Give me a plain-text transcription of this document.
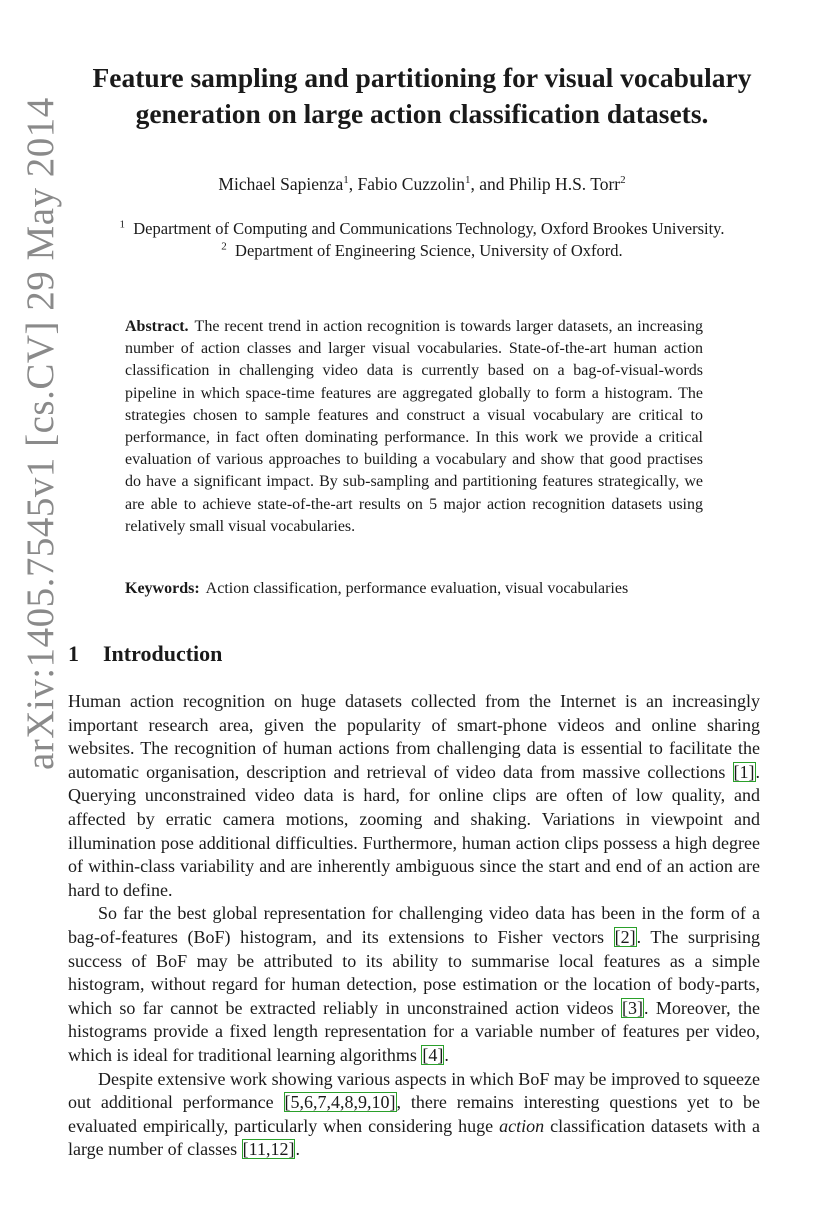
arXiv:1405.7545v1 [cs.CV] 29 May 2014
Feature sampling and partitioning for visual vocabulary
generation on large action classification datasets.
Michael Sapienza$^1$, Fabio Cuzzolin$^1$, and Philip H.S. Torr$^2$
$^1$ Department of Computing and Communications Technology, Oxford Brookes University.
$^2$ Department of Engineering Science, University of Oxford.
Abstract. The recent trend in action recognition is towards larger datasets, an increasing number of action classes and larger visual vocabularies. State-of-the-art human action classification in challenging video data is currently based on a bag-of-visual-words pipeline in which space-time features are aggregated globally to form a histogram. The strategies chosen to sample features and construct a visual vocabulary are critical to performance, in fact often dominating performance. In this work we provide a critical evaluation of various approaches to building a vocabulary and show that good practises do have a significant impact. By sub-sampling and partitioning features strategically, we are able to achieve state-of-the-art results on 5 major action recognition datasets using relatively small visual vocabularies.
Keywords: Action classification, performance evaluation, visual vocabularies
1 Introduction

Human action recognition on huge datasets collected from the Internet is an increasingly important research area, given the popularity of smart-phone videos and online sharing websites. The recognition of human actions from challenging data is essential to facilitate the automatic organisation, description and retrieval of video data from massive collections [1]. Querying unconstrained video data is hard, for online clips are often of low quality, and affected by erratic camera motions, zooming and shaking. Variations in viewpoint and illumination pose additional difficulties. Furthermore, human action clips possess a high degree of within-class variability and are inherently ambiguous since the start and end of an action are hard to define.

So far the best global representation for challenging video data has been in the form of a bag-of-features (BoF) histogram, and its extensions to Fisher vectors [2]. The surprising success of BoF may be attributed to its ability to summarise local features as a simple histogram, without regard for human detection, pose estimation or the location of body-parts, which so far cannot be extracted reliably in unconstrained action videos [3]. Moreover, the histograms provide a fixed length representation for a variable number of features per video, which is ideal for traditional learning algorithms [4].

Despite extensive work showing various aspects in which BoF may be improved to squeeze out additional performance [5,6,7,4,8,9,10], there remains interesting questions yet to be evaluated empirically, particularly when considering huge action classification datasets with a large number of classes [11,12].
